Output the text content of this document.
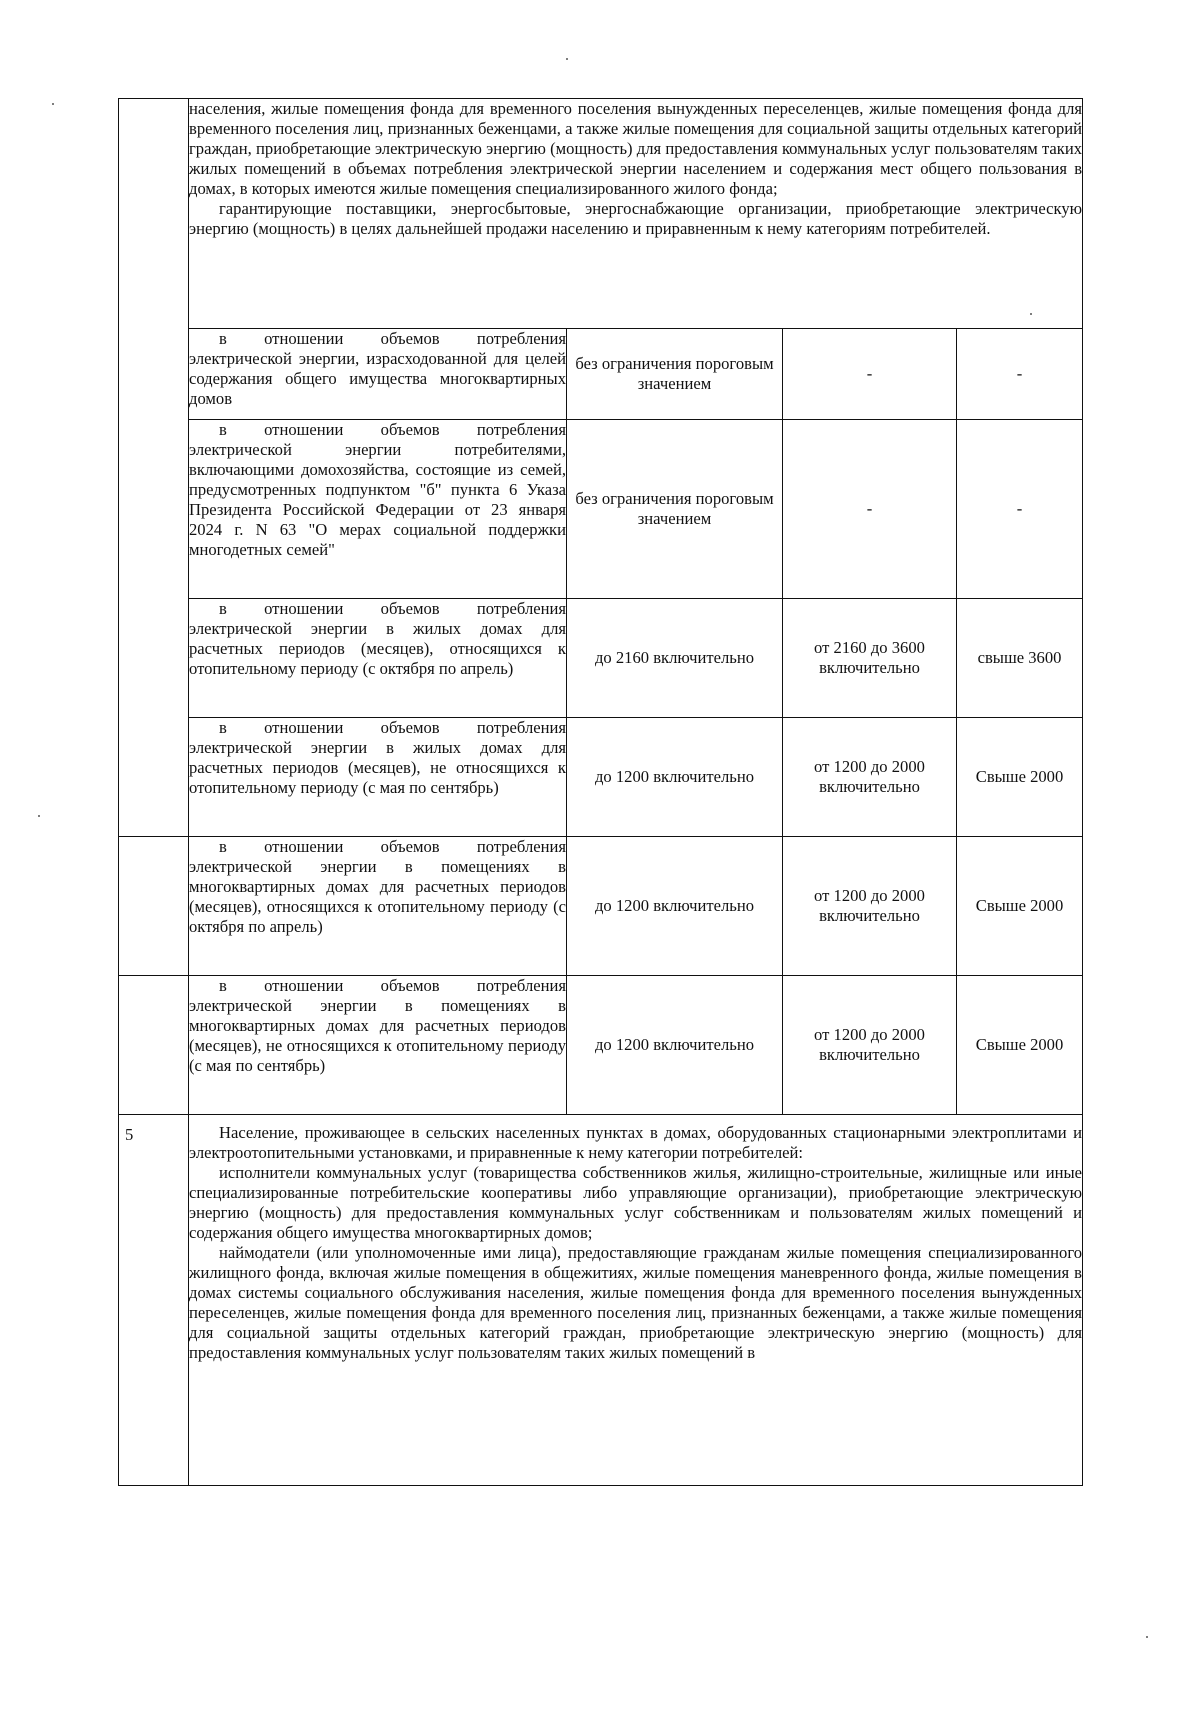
	населения, жилые помещения фонда для временного поселения вынужденных переселенцев, жилые помещения фонда для временного поселения лиц, признанных беженцами, а также жилые помещения для социальной защиты отдельных категорий граждан, приобретающие электрическую энергию (мощность) для предоставления коммунальных услуг пользователям таких жилых помещений в объемах потребления электрической энергии населением и содержания мест общего пользования в домах, в которых имеются жилые помещения специализированного жилого фонда;

гарантирующие поставщики, энергосбытовые, энергоснабжающие организации, приобретающие электрическую энергию (мощность) в целях дальнейшей продажи населению и приравненным к нему категориям потребителей.			

	в отношении объемов потребления электрической энергии, израсходованной для целей содержания общего имущества многоквартирных домов	без ограничения пороговым значением	-	-

	в отношении объемов потребления электрической энергии потребителями, включающими домохозяйства, состоящие из семей, предусмотренных подпунктом "б" пункта 6 Указа Президента Российской Федерации от 23 января 2024 г. N 63 "О мерах социальной поддержки многодетных семей"	без ограничения пороговым значением	-	-

	в отношении объемов потребления электрической энергии в жилых домах для расчетных периодов (месяцев), относящихся к отопительному периоду (с октября по апрель)	до 2160 включительно	от 2160 до 3600 включительно	свыше 3600

	в отношении объемов потребления электрической энергии в жилых домах для расчетных периодов (месяцев), не относящихся к отопительному периоду (с мая по сентябрь)	до 1200 включительно	от 1200 до 2000 включительно	Свыше 2000

	в отношении объемов потребления электрической энергии в помещениях в многоквартирных домах для расчетных периодов (месяцев), относящихся к отопительному периоду (с октября по апрель)	до 1200 включительно	от 1200 до 2000 включительно	Свыше 2000

	в отношении объемов потребления электрической энергии в помещениях в многоквартирных домах для расчетных периодов (месяцев), не относящихся к отопительному периоду (с мая по сентябрь)	до 1200 включительно	от 1200 до 2000 включительно	Свыше 2000
5	Население, проживающее в сельских населенных пунктах в домах, оборудованных стационарными электроплитами и электроотопительными установками, и приравненные к нему категории потребителей:

исполнители коммунальных услуг (товарищества собственников жилья, жилищно-строительные, жилищные или иные специализированные потребительские кооперативы либо управляющие организации), приобретающие электрическую энергию (мощность) для предоставления коммунальных услуг собственникам и пользователям жилых помещений и содержания общего имущества многоквартирных домов;

наймодатели (или уполномоченные ими лица), предоставляющие гражданам жилые помещения специализированного жилищного фонда, включая жилые помещения в общежитиях, жилые помещения маневренного фонда, жилые помещения в домах системы социального обслуживания населения, жилые помещения фонда для временного поселения вынужденных переселенцев, жилые помещения фонда для временного поселения лиц, признанных беженцами, а также жилые помещения для социальной защиты отдельных категорий граждан, приобретающие электрическую энергию (мощность) для предоставления коммунальных услуг пользователям таких жилых помещений в			
